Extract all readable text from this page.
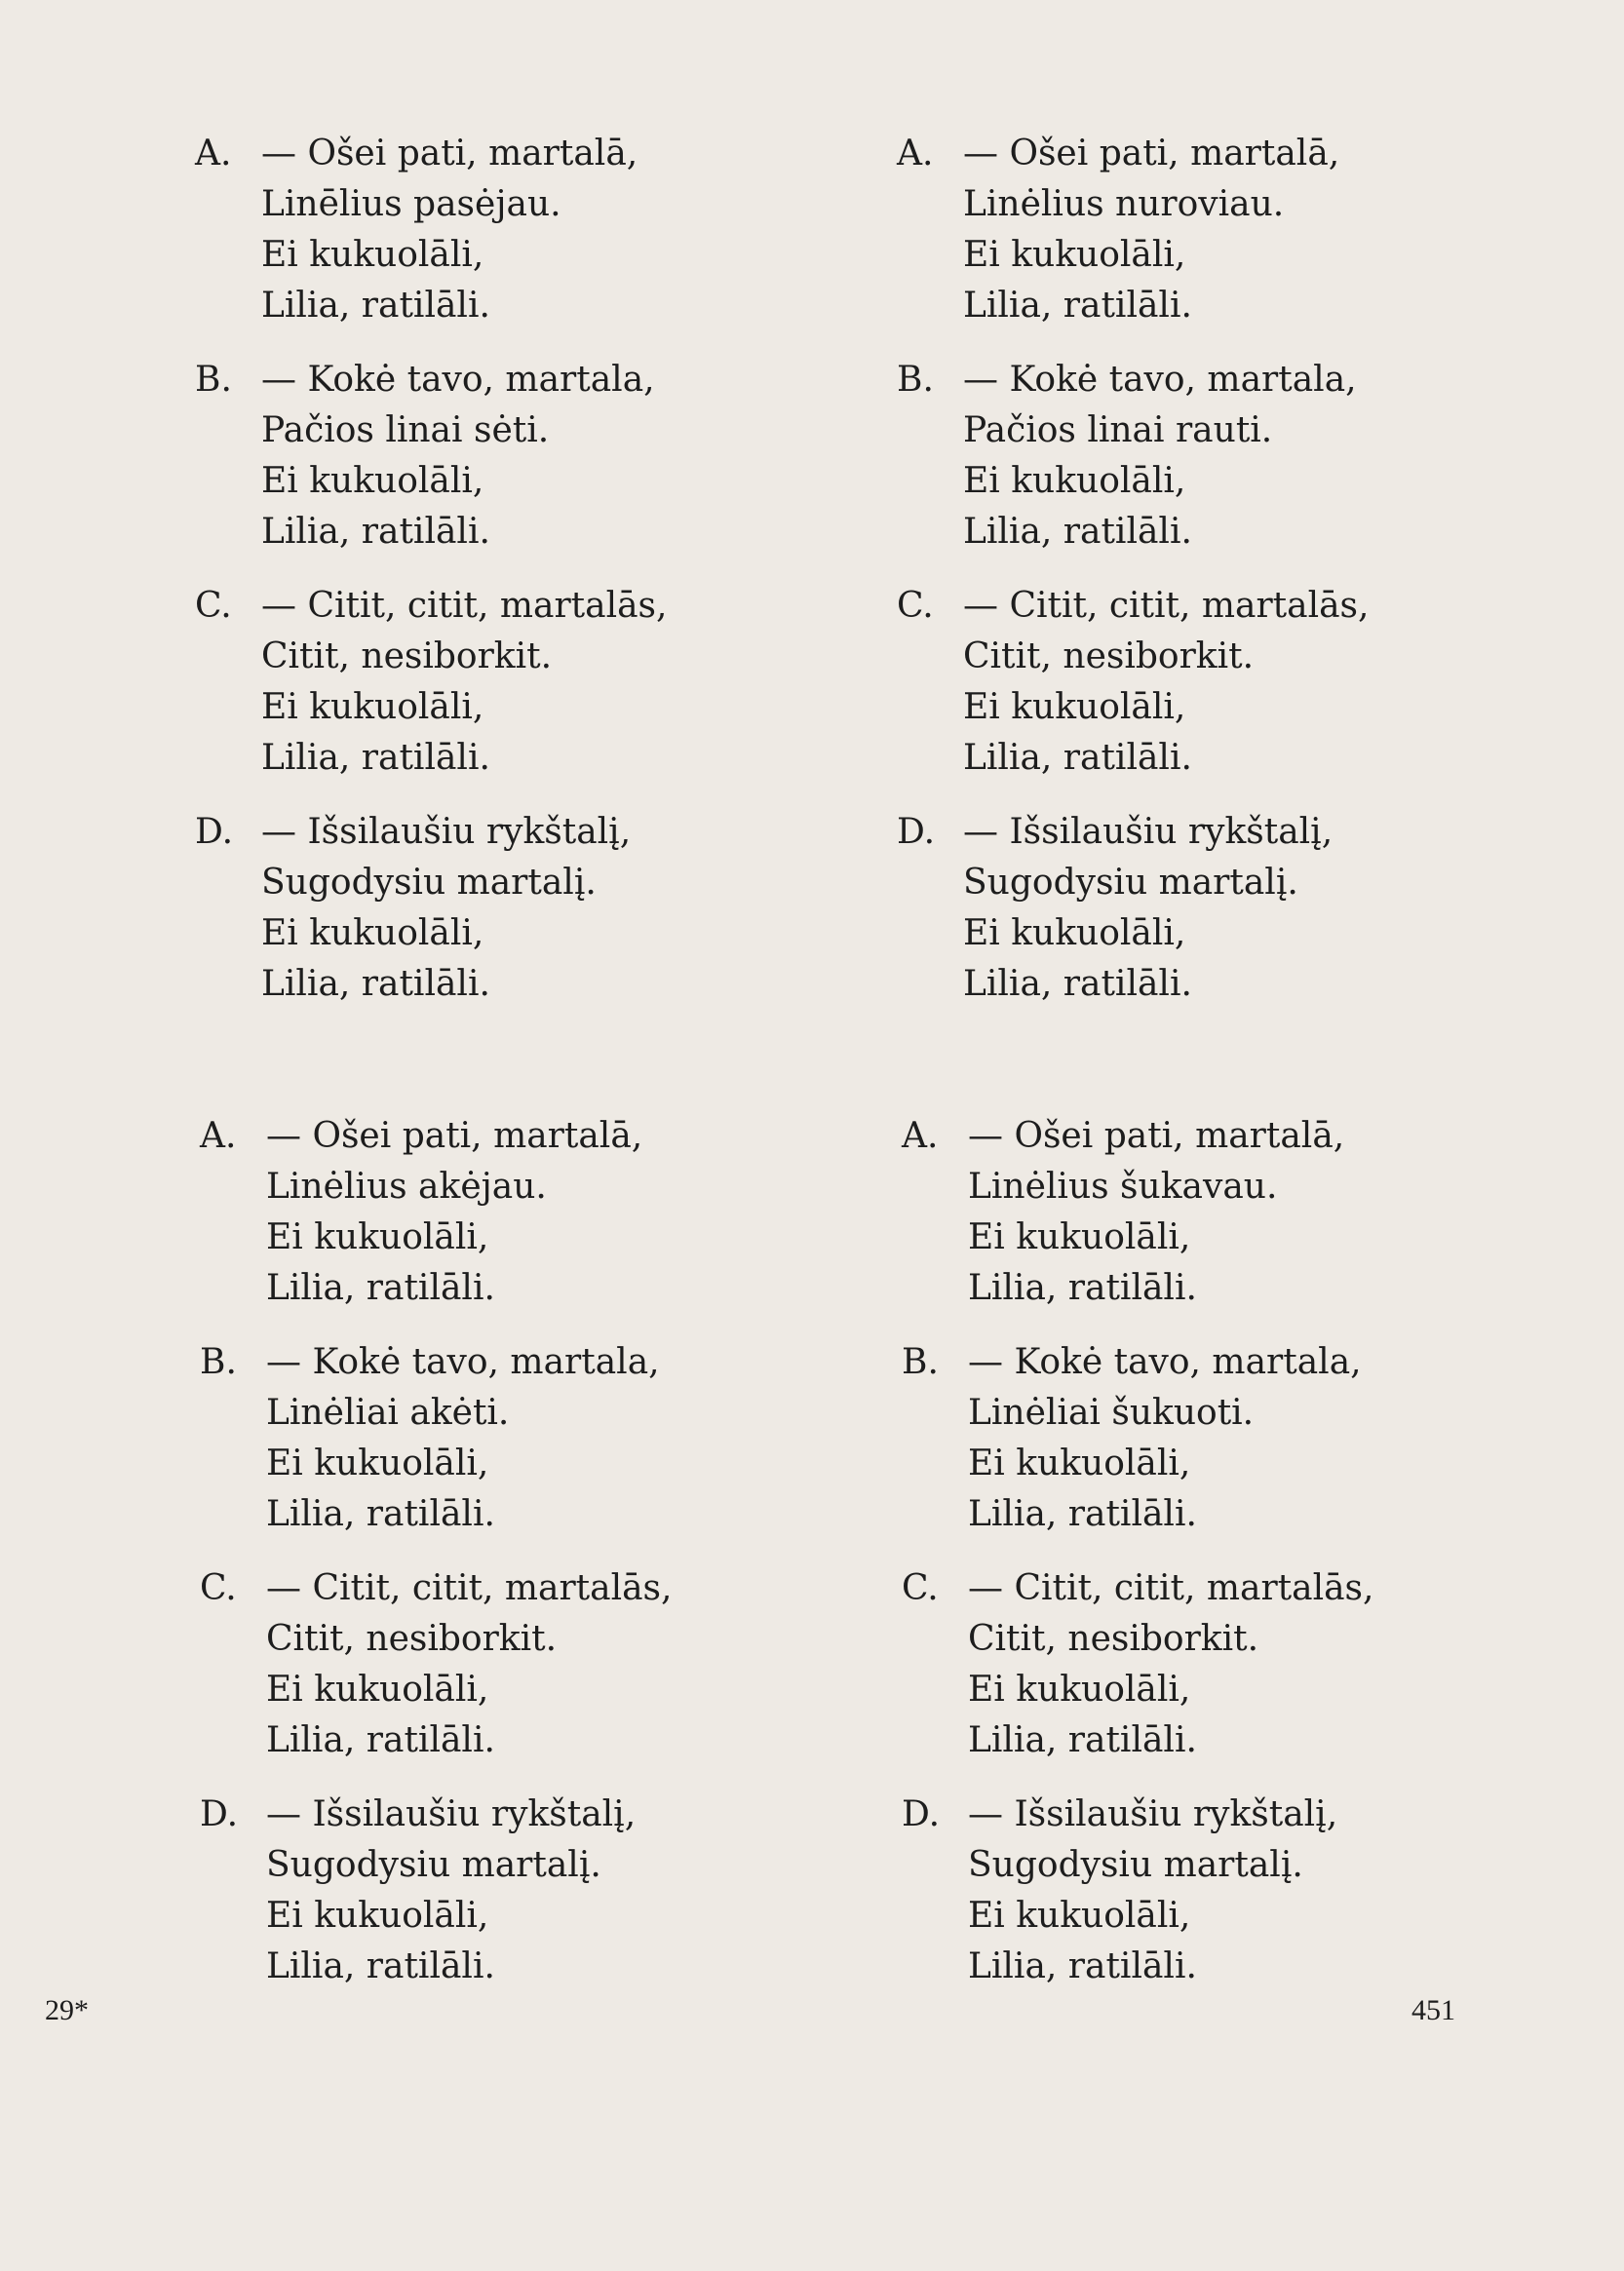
A. — Ošei pati, martalā,
Linēlius pasėjau.
Ei kukuolāli,
Lilia, ratilāli.
B. — Kokė tavo, martala,
Pačios linai sėti.
Ei kukuolāli,
Lilia, ratilāli.
C. — Citit, citit, martalās,
Citit, nesiborkit.
Ei kukuolāli,
Lilia, ratilāli.
D. — Išsilaušiu rykštalį,
Sugodysiu martalį.
Ei kukuolāli,
Lilia, ratilāli.
A. — Ošei pati, martalā,
Linėlius nuroviau.
Ei kukuolāli,
Lilia, ratilāli.
B. — Kokė tavo, martala,
Pačios linai rauti.
Ei kukuolāli,
Lilia, ratilāli.
C. — Citit, citit, martalās,
Citit, nesiborkit.
Ei kukuolāli,
Lilia, ratilāli.
D. — Išsilaušiu rykštalį,
Sugodysiu martalį.
Ei kukuolāli,
Lilia, ratilāli.
A. — Ošei pati, martalā,
Linėlius akėjau.
Ei kukuolāli,
Lilia, ratilāli.
B. — Kokė tavo, martala,
Linėliai akėti.
Ei kukuolāli,
Lilia, ratilāli.
C. — Citit, citit, martalās,
Citit, nesiborkit.
Ei kukuolāli,
Lilia, ratilāli.
D. — Išsilaušiu rykštalį,
Sugodysiu martalį.
Ei kukuolāli,
Lilia, ratilāli.
A. — Ošei pati, martalā,
Linėlius šukavau.
Ei kukuolāli,
Lilia, ratilāli.
B. — Kokė tavo, martala,
Linėliai šukuoti.
Ei kukuolāli,
Lilia, ratilāli.
C. — Citit, citit, martalās,
Citit, nesiborkit.
Ei kukuolāli,
Lilia, ratilāli.
D. — Išsilaušiu rykštalį,
Sugodysiu martalį.
Ei kukuolāli,
Lilia, ratilāli.
29*	451
